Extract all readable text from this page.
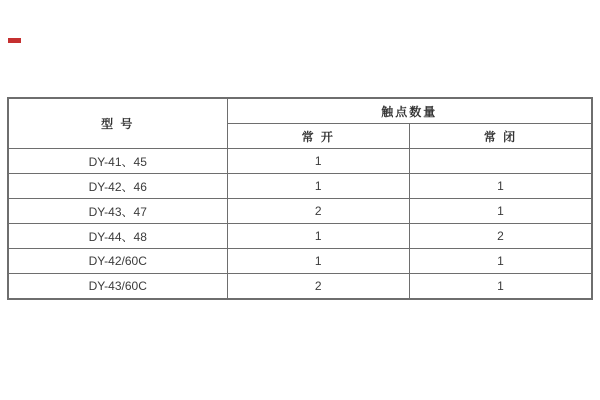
型 号	触点数量	
	常 开	常 闭
DY-41、45	1	
DY-42、46	1	1
DY-43、47	2	1
DY-44、48	1	2
DY-42/60C	1	1
DY-43/60C	2	1
